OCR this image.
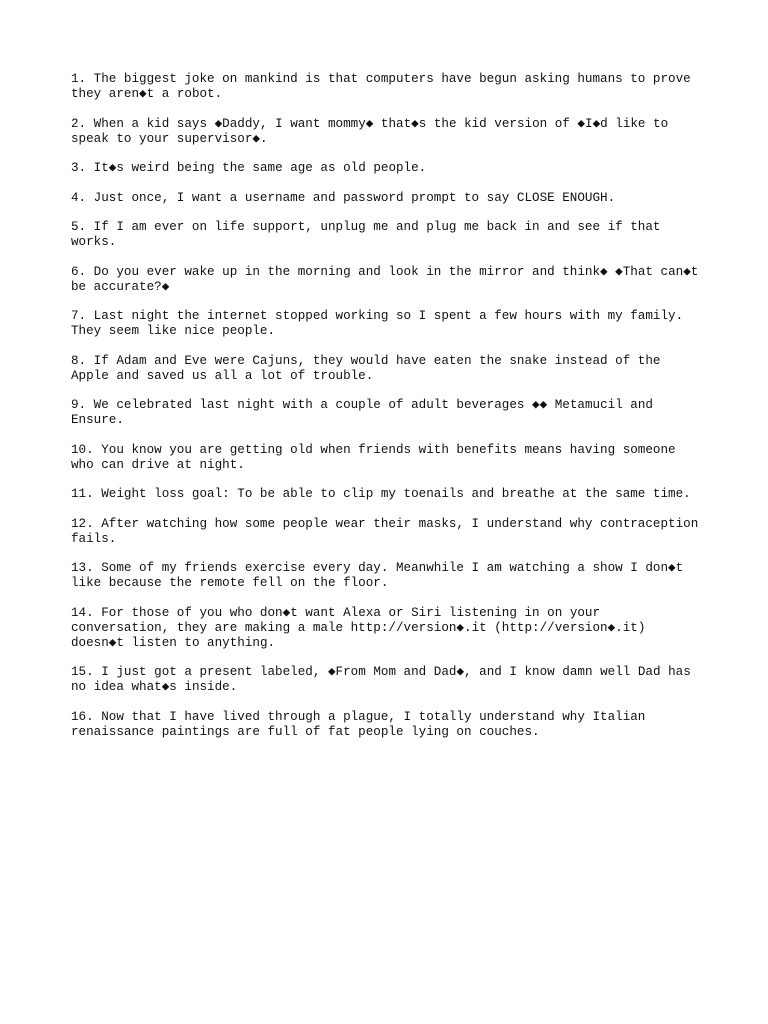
1. The biggest joke on mankind is that computers have begun asking humans to prove they aren◆t a robot.

2. When a kid says ◆Daddy, I want mommy◆ that◆s the kid version of ◆I◆d like to speak to your supervisor◆.

3. It◆s weird being the same age as old people.

4. Just once, I want a username and password prompt to say CLOSE ENOUGH.

5. If I am ever on life support, unplug me and plug me back in and see if that works.

6. Do you ever wake up in the morning and look in the mirror and think◆ ◆That can◆t be accurate?◆

7. Last night the internet stopped working so I spent a few hours with my family. They seem like nice people.

8. If Adam and Eve were Cajuns, they would have eaten the snake instead of the Apple and saved us all a lot of trouble.

9. We celebrated last night with a couple of adult beverages ◆◆ Metamucil and Ensure.

10. You know you are getting old when friends with benefits means having someone who can drive at night.

11. Weight loss goal: To be able to clip my toenails and breathe at the same time.

12. After watching how some people wear their masks, I understand why contraception fails.

13. Some of my friends exercise every day. Meanwhile I am watching a show I don◆t like because the remote fell on the floor.

14. For those of you who don◆t want Alexa or Siri listening in on your conversation, they are making a male http://version◆.it (http://version◆.it) doesn◆t listen to anything.

15. I just got a present labeled, ◆From Mom and Dad◆, and I know damn well Dad has no idea what◆s inside.

16. Now that I have lived through a plague, I totally understand why Italian renaissance paintings are full of fat people lying on couches.
